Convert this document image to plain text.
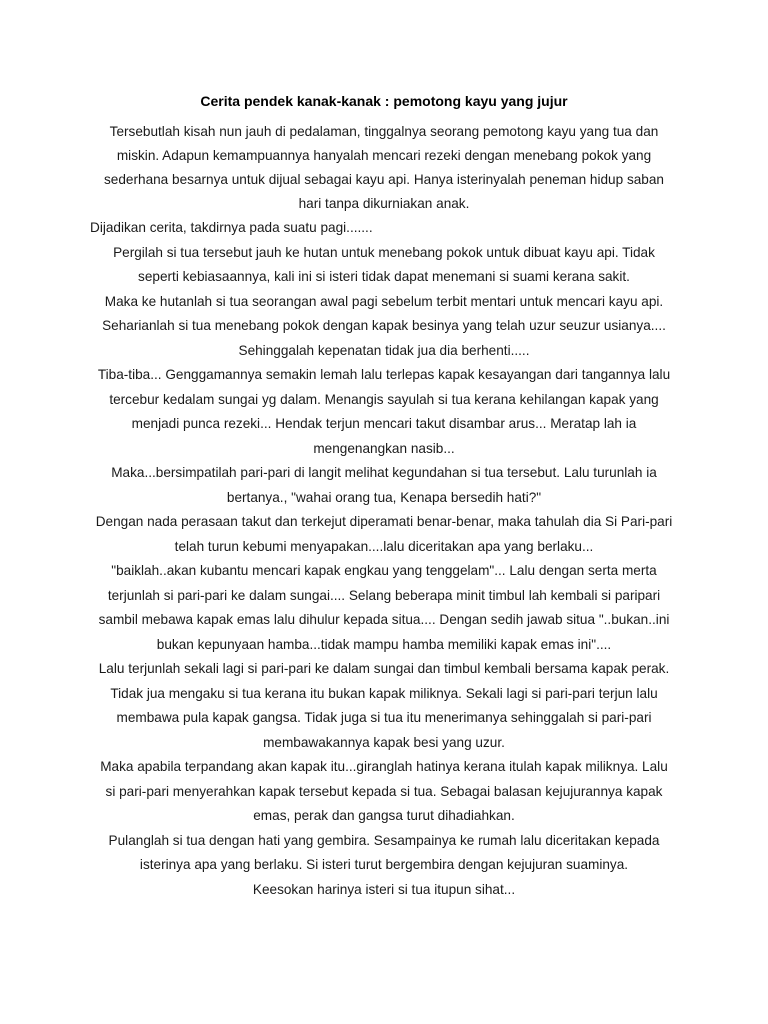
Cerita pendek kanak-kanak : pemotong kayu yang jujur
Tersebutlah kisah nun jauh di pedalaman, tinggalnya seorang pemotong kayu yang tua dan
miskin. Adapun kemampuannya hanyalah mencari rezeki dengan menebang pokok yang
sederhana besarnya untuk dijual sebagai kayu api. Hanya isterinyalah peneman hidup saban
hari tanpa dikurniakan anak.
Dijadikan cerita, takdirnya pada suatu pagi.......
Pergilah si tua tersebut jauh ke hutan untuk menebang pokok untuk dibuat kayu api. Tidak
seperti kebiasaannya, kali ini si isteri tidak dapat menemani si suami kerana sakit.
Maka ke hutanlah si tua seorangan awal pagi sebelum terbit mentari untuk mencari kayu api.
Seharianlah si tua menebang pokok dengan kapak besinya yang telah uzur seuzur usianya....
Sehinggalah kepenatan tidak jua dia berhenti.....
Tiba-tiba... Genggamannya semakin lemah lalu terlepas kapak kesayangan dari tangannya lalu
tercebur kedalam sungai yg dalam. Menangis sayulah si tua kerana kehilangan kapak yang
menjadi punca rezeki... Hendak terjun mencari takut disambar arus... Meratap lah ia
mengenangkan nasib...
Maka...bersimpatilah pari-pari di langit melihat kegundahan si tua tersebut. Lalu turunlah ia
bertanya., "wahai orang tua, Kenapa bersedih hati?"
Dengan nada perasaan takut dan terkejut diperamati benar-benar, maka tahulah dia Si Pari-pari
telah turun kebumi menyapakan....lalu diceritakan apa yang berlaku...
"baiklah..akan kubantu mencari kapak engkau yang tenggelam"... Lalu dengan serta merta
terjunlah si pari-pari ke dalam sungai.... Selang beberapa minit timbul lah kembali si paripari
sambil mebawa kapak emas lalu dihulur kepada situa.... Dengan sedih jawab situa "..bukan..ini
bukan kepunyaan hamba...tidak mampu hamba memiliki kapak emas ini"....
Lalu terjunlah sekali lagi si pari-pari ke dalam sungai dan timbul kembali bersama kapak perak.
Tidak jua mengaku si tua kerana itu bukan kapak miliknya. Sekali lagi si pari-pari terjun lalu
membawa pula kapak gangsa. Tidak juga si tua itu menerimanya sehinggalah si pari-pari
membawakannya kapak besi yang uzur.
Maka apabila terpandang akan kapak itu...giranglah hatinya kerana itulah kapak miliknya. Lalu
si pari-pari menyerahkan kapak tersebut kepada si tua. Sebagai balasan kejujurannya kapak
emas, perak dan gangsa turut dihadiahkan.
Pulanglah si tua dengan hati yang gembira. Sesampainya ke rumah lalu diceritakan kepada
isterinya apa yang berlaku. Si isteri turut bergembira dengan kejujuran suaminya.
Keesokan harinya isteri si tua itupun sihat...
